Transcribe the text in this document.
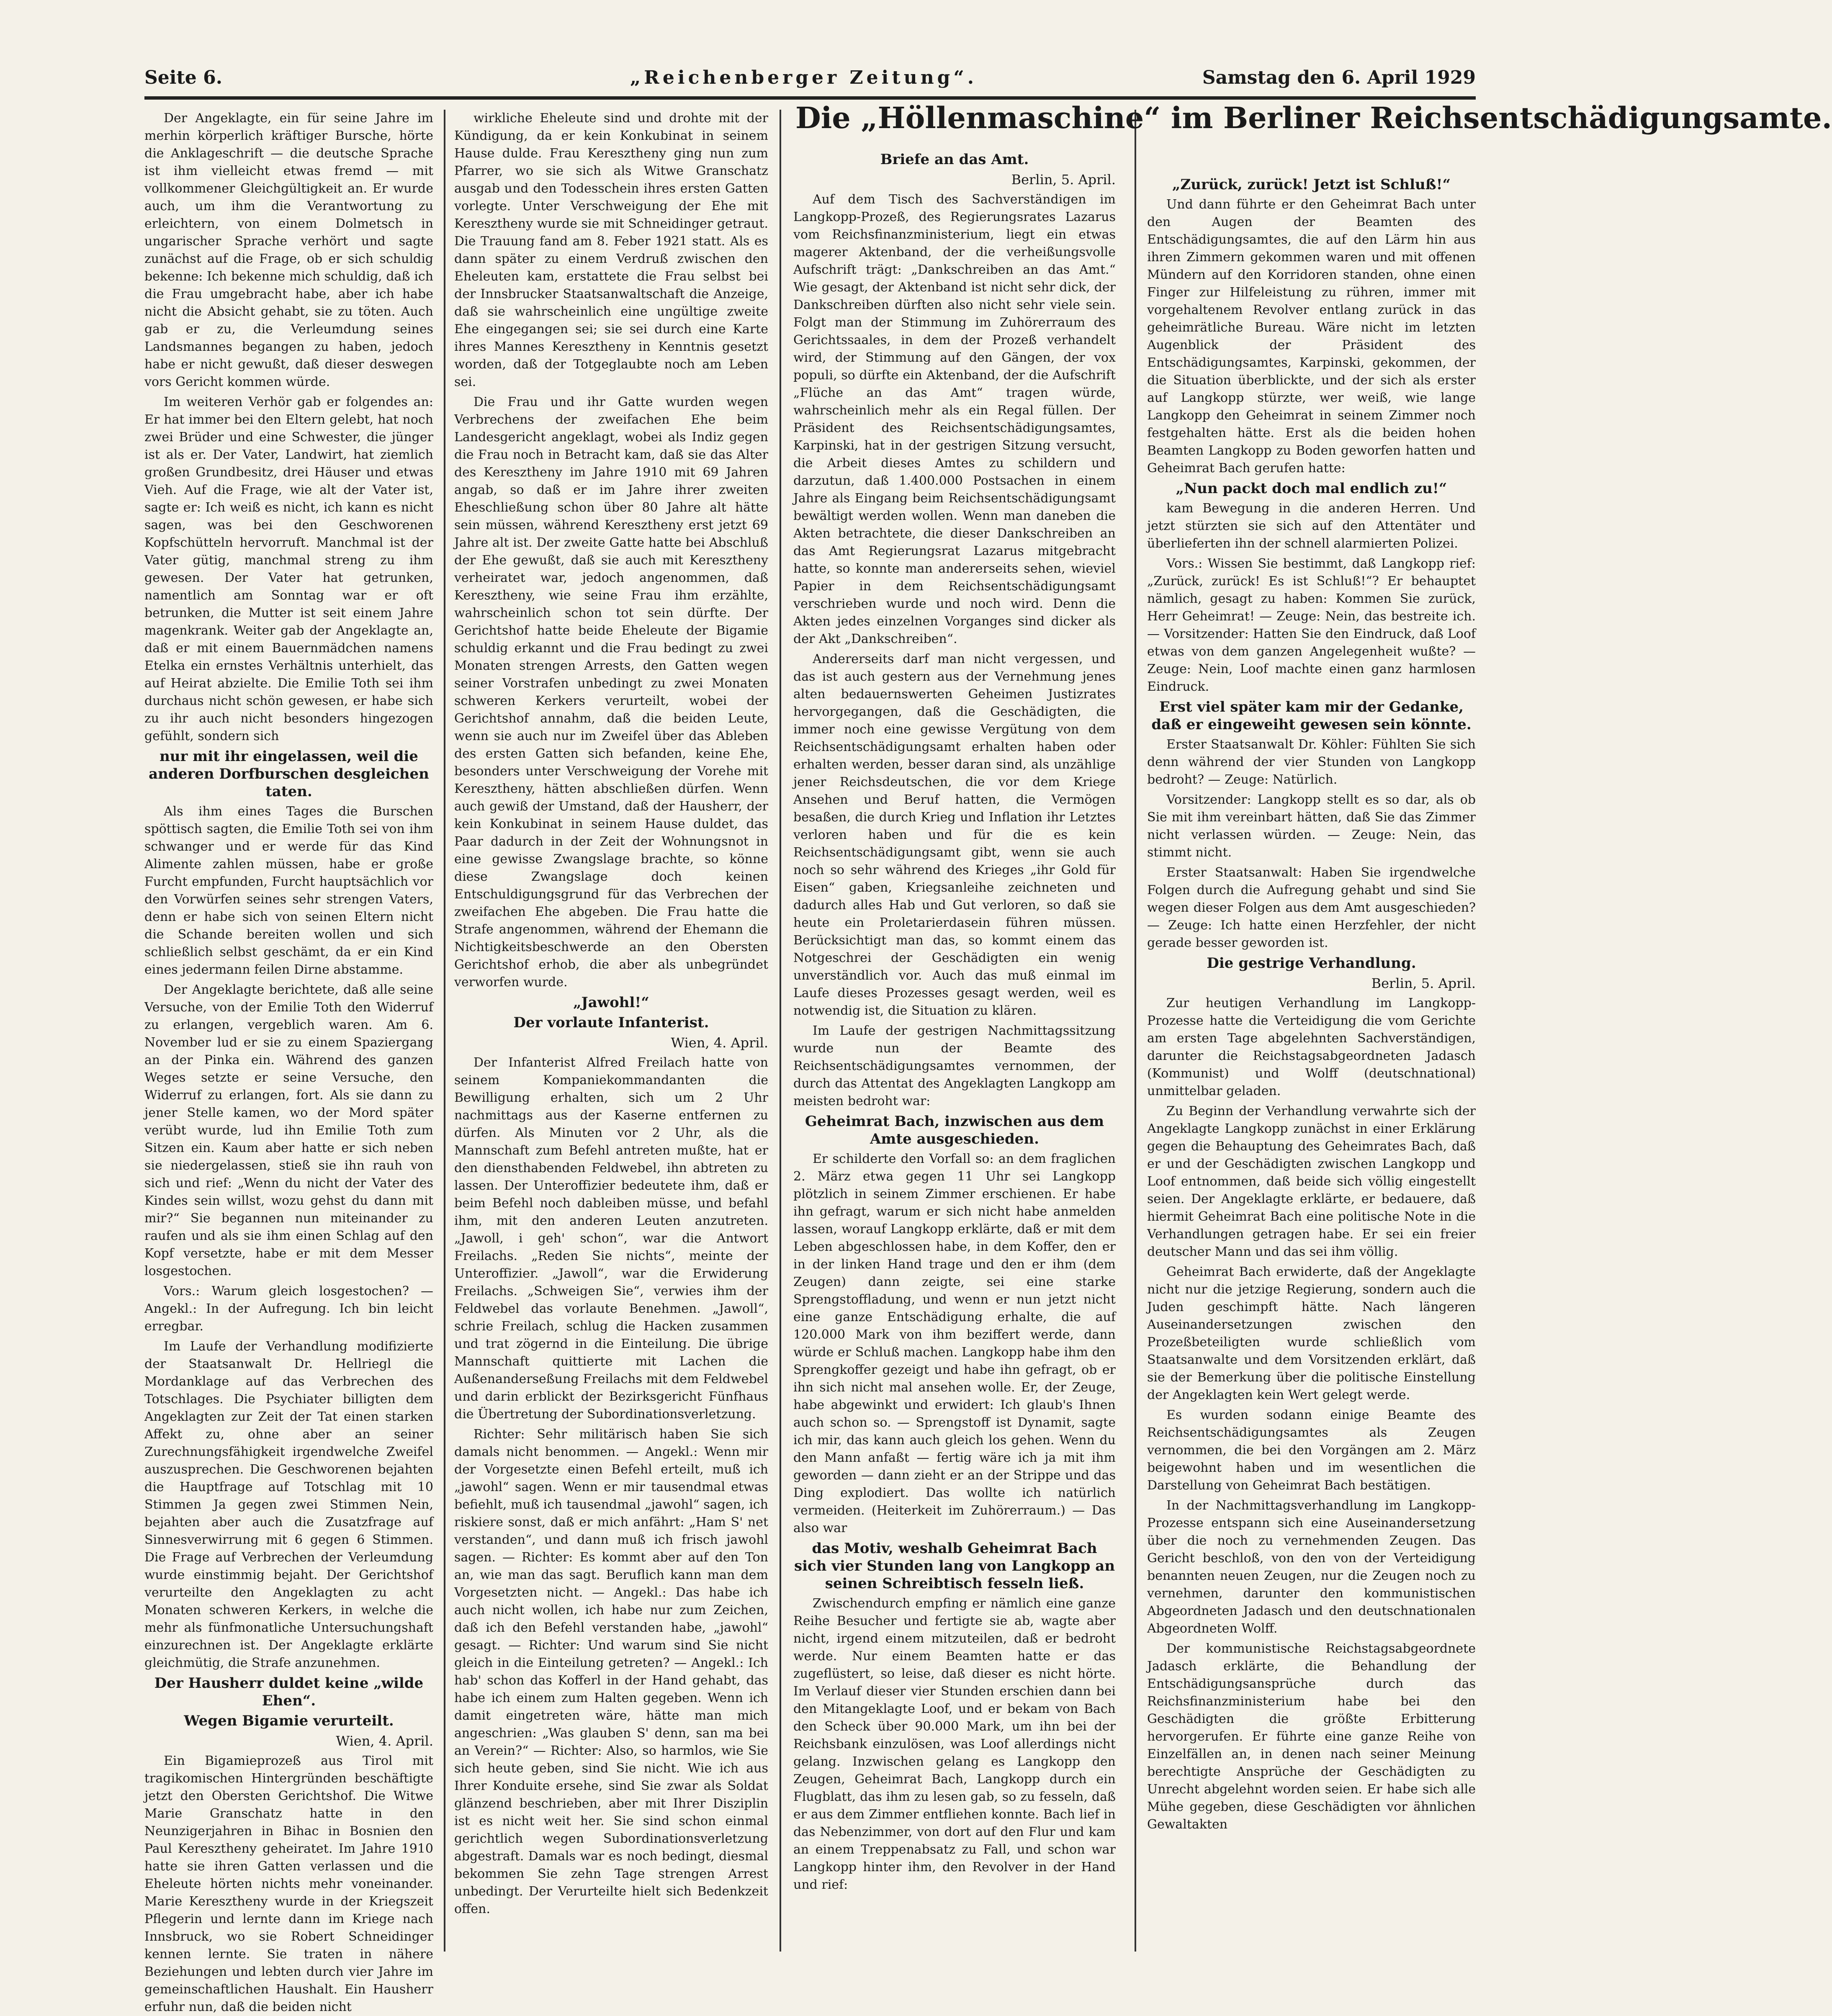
Seite 6.	„Reichenberger Zeitung“.	Samstag den 6. April 1929

Der Angeklagte, ein für seine Jahre im merhin körperlich kräftiger Bursche, hörte die Anklageschrift — die deutsche Sprache ist ihm vielleicht etwas fremd — mit vollkommener Gleichgültigkeit an. Er wurde auch, um ihm die Verantwortung zu erleichtern, von einem Dolmetsch in ungarischer Sprache verhört und sagte zunächst auf die Frage, ob er sich schuldig bekenne: Ich bekenne mich schuldig, daß ich die Frau umgebracht habe, aber ich habe nicht die Absicht gehabt, sie zu töten. Auch gab er zu, die Verleumdung seines Landsmannes begangen zu haben, jedoch habe er nicht gewußt, daß dieser deswegen vors Gericht kommen würde.

Im weiteren Verhör gab er folgendes an: Er hat immer bei den Eltern gelebt, hat noch zwei Brüder und eine Schwester, die jünger ist als er. Der Vater, Landwirt, hat ziemlich großen Grundbesitz, drei Häuser und etwas Vieh. Auf die Frage, wie alt der Vater ist, sagte er: Ich weiß es nicht, ich kann es nicht sagen, was bei den Geschworenen Kopfschütteln hervorruft. Manchmal ist der Vater gütig, manchmal streng zu ihm gewesen. Der Vater hat getrunken, namentlich am Sonntag war er oft betrunken, die Mutter ist seit einem Jahre magenkrank. Weiter gab der Angeklagte an, daß er mit einem Bauernmädchen namens Etelka ein ernstes Verhältnis unterhielt, das auf Heirat abzielte. Die Emilie Toth sei ihm durchaus nicht schön gewesen, er habe sich zu ihr auch nicht besonders hingezogen gefühlt, sondern sich

nur mit ihr eingelassen, weil die anderen Dorfburschen desgleichen taten.

Als ihm eines Tages die Burschen spöttisch sagten, die Emilie Toth sei von ihm schwanger und er werde für das Kind Alimente zahlen müssen, habe er große Furcht empfunden, Furcht hauptsächlich vor den Vorwürfen seines sehr strengen Vaters, denn er habe sich von seinen Eltern nicht die Schande bereiten wollen und sich schließlich selbst geschämt, da er ein Kind eines jedermann feilen Dirne abstamme.

Der Angeklagte berichtete, daß alle seine Versuche, von der Emilie Toth den Widerruf zu erlangen, vergeblich waren. Am 6. November lud er sie zu einem Spaziergang an der Pinka ein. Während des ganzen Weges setzte er seine Versuche, den Widerruf zu erlangen, fort. Als sie dann zu jener Stelle kamen, wo der Mord später verübt wurde, lud ihn Emilie Toth zum Sitzen ein. Kaum aber hatte er sich neben sie niedergelassen, stieß sie ihn rauh von sich und rief: „Wenn du nicht der Vater des Kindes sein willst, wozu gehst du dann mit mir?“ Sie begannen nun miteinander zu raufen und als sie ihm einen Schlag auf den Kopf versetzte, habe er mit dem Messer losgestochen.

Vors.: Warum gleich losgestochen? — Angekl.: In der Aufregung. Ich bin leicht erregbar.

Im Laufe der Verhandlung modifizierte der Staatsanwalt Dr. Hellriegl die Mordanklage auf das Verbrechen des Totschlages. Die Psychiater billigten dem Angeklagten zur Zeit der Tat einen starken Affekt zu, ohne aber an seiner Zurechnungsfähigkeit irgendwelche Zweifel auszusprechen. Die Geschworenen bejahten die Hauptfrage auf Totschlag mit 10 Stimmen Ja gegen zwei Stimmen Nein, bejahten aber auch die Zusatzfrage auf Sinnesverwirrung mit 6 gegen 6 Stimmen. Die Frage auf Verbrechen der Verleumdung wurde einstimmig bejaht. Der Gerichtshof verurteilte den Angeklagten zu acht Monaten schweren Kerkers, in welche die mehr als fünfmonatliche Untersuchungshaft einzurechnen ist. Der Angeklagte erklärte gleichmütig, die Strafe anzunehmen.

Der Hausherr duldet keine „wilde Ehen“.

Wegen Bigamie verurteilt.

Wien, 4. April.

Ein Bigamieprozeß aus Tirol mit tragikomischen Hintergründen beschäftigte jetzt den Obersten Gerichtshof. Die Witwe Marie Granschatz hatte in den Neunzigerjahren in Bihac in Bosnien den Paul Keresztheny geheiratet. Im Jahre 1910 hatte sie ihren Gatten verlassen und die Eheleute hörten nichts mehr voneinander. Marie Keresztheny wurde in der Kriegszeit Pflegerin und lernte dann im Kriege nach Innsbruck, wo sie Robert Schneidinger kennen lernte. Sie traten in nähere Beziehungen und lebten durch vier Jahre im gemeinschaftlichen Haushalt. Ein Hausherr erfuhr nun, daß die beiden nicht

wirkliche Eheleute sind und drohte mit der Kündigung, da er kein Konkubinat in seinem Hause dulde. Frau Keresztheny ging nun zum Pfarrer, wo sie sich als Witwe Granschatz ausgab und den Todesschein ihres ersten Gatten vorlegte. Unter Verschweigung der Ehe mit Keresztheny wurde sie mit Schneidinger getraut. Die Trauung fand am 8. Feber 1921 statt. Als es dann später zu einem Verdruß zwischen den Eheleuten kam, erstattete die Frau selbst bei der Innsbrucker Staatsanwaltschaft die Anzeige, daß sie wahrscheinlich eine ungültige zweite Ehe eingegangen sei; sie sei durch eine Karte ihres Mannes Keresztheny in Kenntnis gesetzt worden, daß der Totgeglaubte noch am Leben sei.

Die Frau und ihr Gatte wurden wegen Verbrechens der zweifachen Ehe beim Landesgericht angeklagt, wobei als Indiz gegen die Frau noch in Betracht kam, daß sie das Alter des Keresztheny im Jahre 1910 mit 69 Jahren angab, so daß er im Jahre ihrer zweiten Eheschließung schon über 80 Jahre alt hätte sein müssen, während Keresztheny erst jetzt 69 Jahre alt ist. Der zweite Gatte hatte bei Abschluß der Ehe gewußt, daß sie auch mit Keresztheny verheiratet war, jedoch angenommen, daß Keresztheny, wie seine Frau ihm erzählte, wahrscheinlich schon tot sein dürfte. Der Gerichtshof hatte beide Eheleute der Bigamie schuldig erkannt und die Frau bedingt zu zwei Monaten strengen Arrests, den Gatten wegen seiner Vorstrafen unbedingt zu zwei Monaten schweren Kerkers verurteilt, wobei der Gerichtshof annahm, daß die beiden Leute, wenn sie auch nur im Zweifel über das Ableben des ersten Gatten sich befanden, keine Ehe, besonders unter Verschweigung der Vorehe mit Keresztheny, hätten abschließen dürfen. Wenn auch gewiß der Umstand, daß der Hausherr, der kein Konkubinat in seinem Hause duldet, das Paar dadurch in der Zeit der Wohnungsnot in eine gewisse Zwangslage brachte, so könne diese Zwangslage doch keinen Entschuldigungsgrund für das Verbrechen der zweifachen Ehe abgeben. Die Frau hatte die Strafe angenommen, während der Ehemann die Nichtigkeitsbeschwerde an den Obersten Gerichtshof erhob, die aber als unbegründet verworfen wurde.

„Jawohl!“

Der vorlaute Infanterist.

Wien, 4. April.

Der Infanterist Alfred Freilach hatte von seinem Kompaniekommandanten die Bewilligung erhalten, sich um 2 Uhr nachmittags aus der Kaserne entfernen zu dürfen. Als Minuten vor 2 Uhr, als die Mannschaft zum Befehl antreten mußte, hat er den diensthabenden Feldwebel, ihn abtreten zu lassen. Der Unteroffizier bedeutete ihm, daß er beim Befehl noch dableiben müsse, und befahl ihm, mit den anderen Leuten anzutreten. „Jawoll, i geh' schon“, war die Antwort Freilachs. „Reden Sie nichts“, meinte der Unteroffizier. „Jawoll“, war die Erwiderung Freilachs. „Schweigen Sie“, verwies ihm der Feldwebel das vorlaute Benehmen. „Jawoll“, schrie Freilach, schlug die Hacken zusammen und trat zögernd in die Einteilung. Die übrige Mannschaft quittierte mit Lachen die Außenanderseßung Freilachs mit dem Feldwebel und darin erblickt der Bezirksgericht Fünfhaus die Übertretung der Subordinationsverletzung.

Richter: Sehr militärisch haben Sie sich damals nicht benommen. — Angekl.: Wenn mir der Vorgesetzte einen Befehl erteilt, muß ich „jawohl“ sagen. Wenn er mir tausendmal etwas befiehlt, muß ich tausendmal „jawohl“ sagen, ich riskiere sonst, daß er mich anfährt: „Ham S' net verstanden“, und dann muß ich frisch jawohl sagen. — Richter: Es kommt aber auf den Ton an, wie man das sagt. Beruflich kann man dem Vorgesetzten nicht. — Angekl.: Das habe ich auch nicht wollen, ich habe nur zum Zeichen, daß ich den Befehl verstanden habe, „jawohl“ gesagt. — Richter: Und warum sind Sie nicht gleich in die Einteilung getreten? — Angekl.: Ich hab' schon das Kofferl in der Hand gehabt, das habe ich einem zum Halten gegeben. Wenn ich damit eingetreten wäre, hätte man mich angeschrien: „Was glauben S' denn, san ma bei an Verein?“ — Richter: Also, so harmlos, wie Sie sich heute geben, sind Sie nicht. Wie ich aus Ihrer Konduite ersehe, sind Sie zwar als Soldat glänzend beschrieben, aber mit Ihrer Disziplin ist es nicht weit her. Sie sind schon einmal gerichtlich wegen Subordinationsverletzung abgestraft. Damals war es noch bedingt, diesmal bekommen Sie zehn Tage strengen Arrest unbedingt. Der Verurteilte hielt sich Bedenkzeit offen.

Die „Höllenmaschine“ im Berliner Reichsentschädigungsamte.

Briefe an das Amt.

Berlin, 5. April.

Auf dem Tisch des Sachverständigen im Langkopp-Prozeß, des Regierungsrates Lazarus vom Reichsfinanzministerium, liegt ein etwas magerer Aktenband, der die verheißungsvolle Aufschrift trägt: „Dankschreiben an das Amt.“ Wie gesagt, der Aktenband ist nicht sehr dick, der Dankschreiben dürften also nicht sehr viele sein. Folgt man der Stimmung im Zuhörerraum des Gerichtssaales, in dem der Prozeß verhandelt wird, der Stimmung auf den Gängen, der vox populi, so dürfte ein Aktenband, der die Aufschrift „Flüche an das Amt“ tragen würde, wahrscheinlich mehr als ein Regal füllen. Der Präsident des Reichsentschädigungsamtes, Karpinski, hat in der gestrigen Sitzung versucht, die Arbeit dieses Amtes zu schildern und darzutun, daß 1.400.000 Postsachen in einem Jahre als Eingang beim Reichsentschädigungsamt bewältigt werden wollen. Wenn man daneben die Akten betrachtete, die dieser Dankschreiben an das Amt Regierungsrat Lazarus mitgebracht hatte, so konnte man andererseits sehen, wieviel Papier in dem Reichsentschädigungsamt verschrieben wurde und noch wird. Denn die Akten jedes einzelnen Vorganges sind dicker als der Akt „Dankschreiben“.

Andererseits darf man nicht vergessen, und das ist auch gestern aus der Vernehmung jenes alten bedauernswerten Geheimen Justizrates hervorgegangen, daß die Geschädigten, die immer noch eine gewisse Vergütung von dem Reichsentschädigungsamt erhalten haben oder erhalten werden, besser daran sind, als unzählige jener Reichsdeutschen, die vor dem Kriege Ansehen und Beruf hatten, die Vermögen besaßen, die durch Krieg und Inflation ihr Letztes verloren haben und für die es kein Reichsentschädigungsamt gibt, wenn sie auch noch so sehr während des Krieges „ihr Gold für Eisen“ gaben, Kriegsanleihe zeichneten und dadurch alles Hab und Gut verloren, so daß sie heute ein Proletarierdasein führen müssen. Berücksichtigt man das, so kommt einem das Notgeschrei der Geschädigten ein wenig unverständlich vor. Auch das muß einmal im Laufe dieses Prozesses gesagt werden, weil es notwendig ist, die Situation zu klären.

Im Laufe der gestrigen Nachmittagssitzung wurde nun der Beamte des Reichsentschädigungsamtes vernommen, der durch das Attentat des Angeklagten Langkopp am meisten bedroht war:

Geheimrat Bach, inzwischen aus dem Amte ausgeschieden.

Er schilderte den Vorfall so: an dem fraglichen 2. März etwa gegen 11 Uhr sei Langkopp plötzlich in seinem Zimmer erschienen. Er habe ihn gefragt, warum er sich nicht habe anmelden lassen, worauf Langkopp erklärte, daß er mit dem Leben abgeschlossen habe, in dem Koffer, den er in der linken Hand trage und den er ihm (dem Zeugen) dann zeigte, sei eine starke Sprengstoffladung, und wenn er nun jetzt nicht eine ganze Entschädigung erhalte, die auf 120.000 Mark von ihm beziffert werde, dann würde er Schluß machen. Langkopp habe ihm den Sprengkoffer gezeigt und habe ihn gefragt, ob er ihn sich nicht mal ansehen wolle. Er, der Zeuge, habe abgewinkt und erwidert: Ich glaub's Ihnen auch schon so. — Sprengstoff ist Dynamit, sagte ich mir, das kann auch gleich los gehen. Wenn du den Mann anfaßt — fertig wäre ich ja mit ihm geworden — dann zieht er an der Strippe und das Ding explodiert. Das wollte ich natürlich vermeiden. (Heiterkeit im Zuhörerraum.) — Das also war

das Motiv, weshalb Geheimrat Bach sich vier Stunden lang von Langkopp an seinen Schreibtisch fesseln ließ.

Zwischendurch empfing er nämlich eine ganze Reihe Besucher und fertigte sie ab, wagte aber nicht, irgend einem mitzuteilen, daß er bedroht werde. Nur einem Beamten hatte er das zugeflüstert, so leise, daß dieser es nicht hörte. Im Verlauf dieser vier Stunden erschien dann bei den Mitangeklagte Loof, und er bekam von Bach den Scheck über 90.000 Mark, um ihn bei der Reichsbank einzulösen, was Loof allerdings nicht gelang. Inzwischen gelang es Langkopp den Zeugen, Geheimrat Bach, Langkopp durch ein Flugblatt, das ihm zu lesen gab, so zu fesseln, daß er aus dem Zimmer entfliehen konnte. Bach lief in das Nebenzimmer, von dort auf den Flur und kam an einem Treppenabsatz zu Fall, und schon war Langkopp hinter ihm, den Revolver in der Hand und rief:

„Zurück, zurück! Jetzt ist Schluß!“

Und dann führte er den Geheimrat Bach unter den Augen der Beamten des Entschädigungsamtes, die auf den Lärm hin aus ihren Zimmern gekommen waren und mit offenen Mündern auf den Korridoren standen, ohne einen Finger zur Hilfeleistung zu rühren, immer mit vorgehaltenem Revolver entlang zurück in das geheimrätliche Bureau. Wäre nicht im letzten Augenblick der Präsident des Entschädigungsamtes, Karpinski, gekommen, der die Situation überblickte, und der sich als erster auf Langkopp stürzte, wer weiß, wie lange Langkopp den Geheimrat in seinem Zimmer noch festgehalten hätte. Erst als die beiden hohen Beamten Langkopp zu Boden geworfen hatten und Geheimrat Bach gerufen hatte:

„Nun packt doch mal endlich zu!“

kam Bewegung in die anderen Herren. Und jetzt stürzten sie sich auf den Attentäter und überlieferten ihn der schnell alarmierten Polizei.

Vors.: Wissen Sie bestimmt, daß Langkopp rief: „Zurück, zurück! Es ist Schluß!“? Er behauptet nämlich, gesagt zu haben: Kommen Sie zurück, Herr Geheimrat! — Zeuge: Nein, das bestreite ich. — Vorsitzender: Hatten Sie den Eindruck, daß Loof etwas von dem ganzen Angelegenheit wußte? — Zeuge: Nein, Loof machte einen ganz harmlosen Eindruck.

Erst viel später kam mir der Gedanke, daß er eingeweiht gewesen sein könnte.

Erster Staatsanwalt Dr. Köhler: Fühlten Sie sich denn während der vier Stunden von Langkopp bedroht? — Zeuge: Natürlich.

Vorsitzender: Langkopp stellt es so dar, als ob Sie mit ihm vereinbart hätten, daß Sie das Zimmer nicht verlassen würden. — Zeuge: Nein, das stimmt nicht.

Erster Staatsanwalt: Haben Sie irgendwelche Folgen durch die Aufregung gehabt und sind Sie wegen dieser Folgen aus dem Amt ausgeschieden? — Zeuge: Ich hatte einen Herzfehler, der nicht gerade besser geworden ist.

Die gestrige Verhandlung.

Berlin, 5. April.

Zur heutigen Verhandlung im Langkopp-Prozesse hatte die Verteidigung die vom Gerichte am ersten Tage abgelehnten Sachverständigen, darunter die Reichstagsabgeordneten Jadasch (Kommunist) und Wolff (deutschnational) unmittelbar geladen.

Zu Beginn der Verhandlung verwahrte sich der Angeklagte Langkopp zunächst in einer Erklärung gegen die Behauptung des Geheimrates Bach, daß er und der Geschädigten zwischen Langkopp und Loof entnommen, daß beide sich völlig eingestellt seien. Der Angeklagte erklärte, er bedauere, daß hiermit Geheimrat Bach eine politische Note in die Verhandlungen getragen habe. Er sei ein freier deutscher Mann und das sei ihm völlig.

Geheimrat Bach erwiderte, daß der Angeklagte nicht nur die jetzige Regierung, sondern auch die Juden geschimpft hätte. Nach längeren Auseinandersetzungen zwischen den Prozeßbeteiligten wurde schließlich vom Staatsanwalte und dem Vorsitzenden erklärt, daß sie der Bemerkung über die politische Einstellung der Angeklagten kein Wert gelegt werde.

Es wurden sodann einige Beamte des Reichsentschädigungsamtes als Zeugen vernommen, die bei den Vorgängen am 2. März beigewohnt haben und im wesentlichen die Darstellung von Geheimrat Bach bestätigen.

In der Nachmittagsverhandlung im Langkopp-Prozesse entspann sich eine Auseinandersetzung über die noch zu vernehmenden Zeugen. Das Gericht beschloß, von den von der Verteidigung benannten neuen Zeugen, nur die Zeugen noch zu vernehmen, darunter den kommunistischen Abgeordneten Jadasch und den deutschnationalen Abgeordneten Wolff.

Der kommunistische Reichstagsabgeordnete Jadasch erklärte, die Behandlung der Entschädigungsansprüche durch das Reichsfinanzministerium habe bei den Geschädigten die größte Erbitterung hervorgerufen. Er führte eine ganze Reihe von Einzelfällen an, in denen nach seiner Meinung berechtigte Ansprüche der Geschädigten zu Unrecht abgelehnt worden seien. Er habe sich alle Mühe gegeben, diese Geschädigten vor ähnlichen Gewaltakten
